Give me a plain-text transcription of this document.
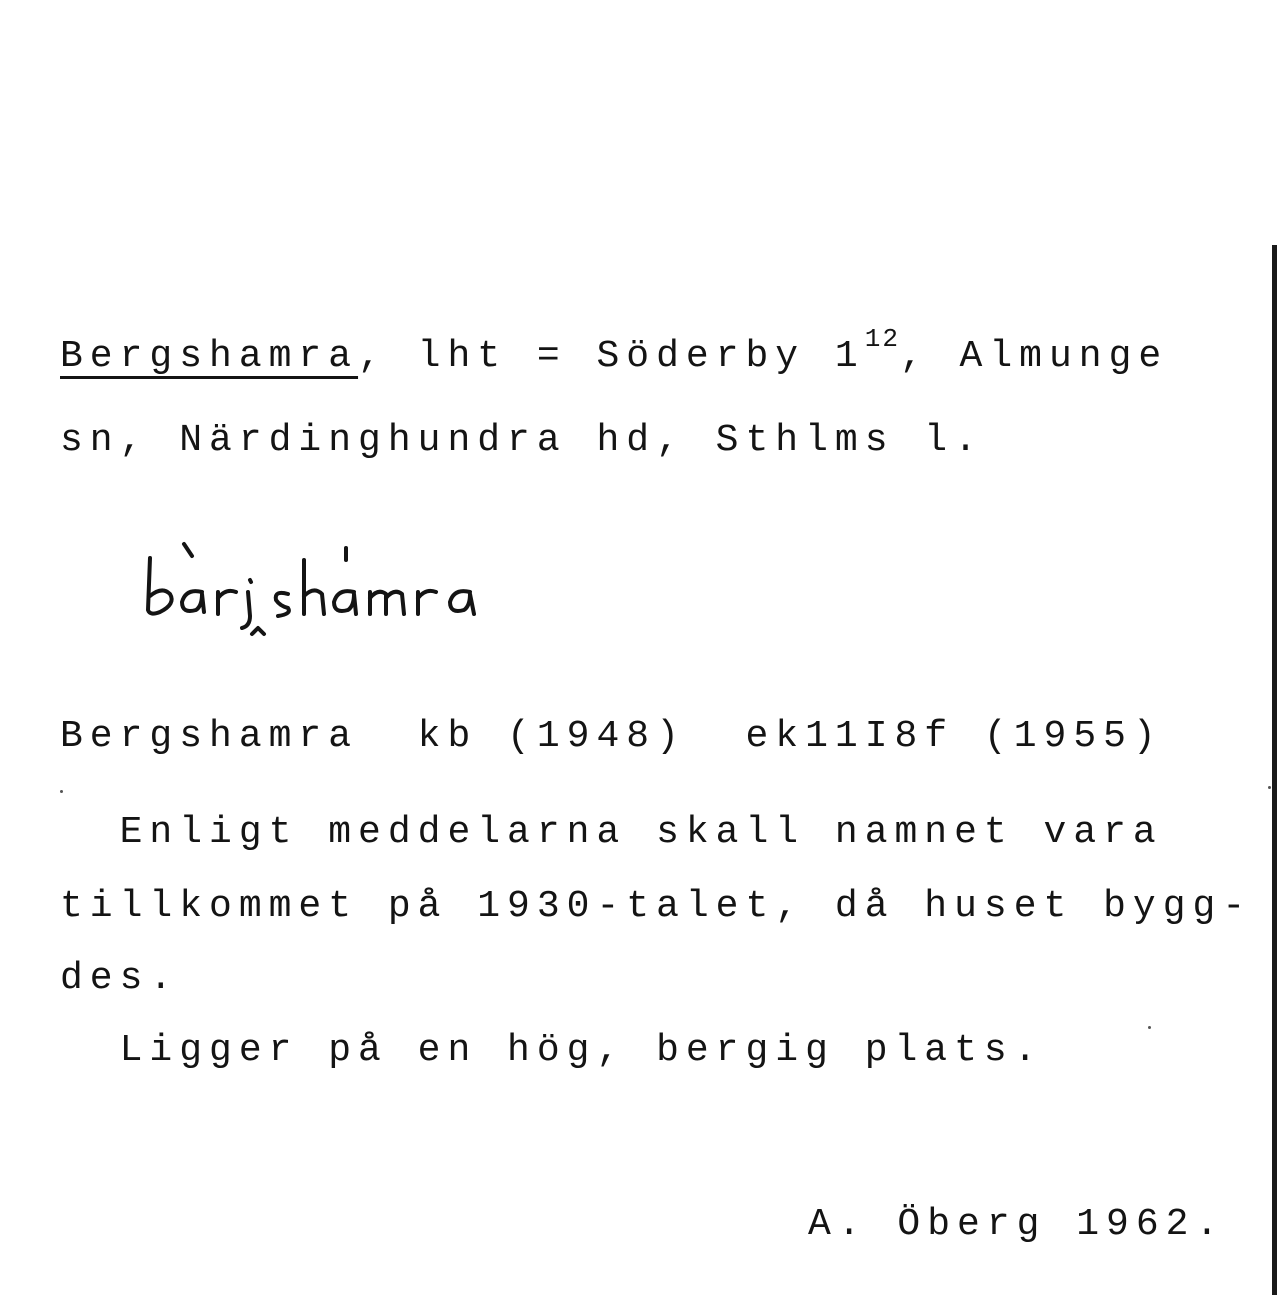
Bergshamra, lht = Söderby $1^{12}$, Almunge
sn, Närdinghundra hd, Sthlms l.
Bergshamra  kb (1948)  ek11I8f (1955)
Enligt meddelarna skall namnet vara
tillkommet på 1930-talet, då huset bygg-
des.
Ligger på en hög, bergig plats.
A. Öberg 1962.
